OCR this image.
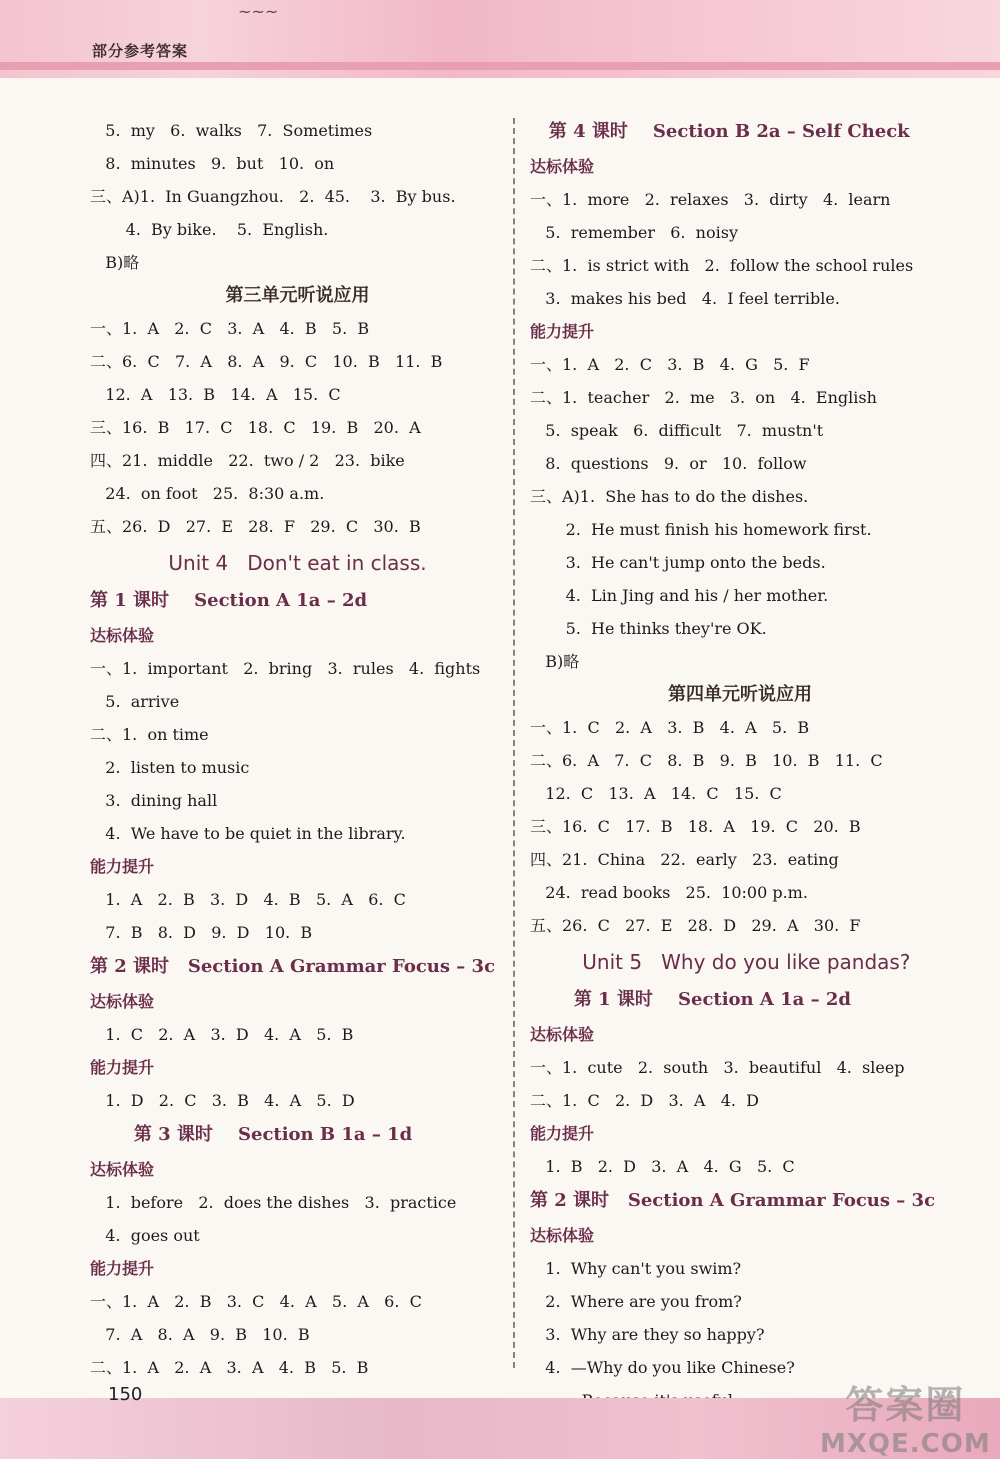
~~~
部分参考答案
5.  my   6.  walks   7.  Sometimes
8.  minutes   9.  but   10.  on
三、A)1.  In Guangzhou.   2.  45.    3.  By bus.
4.  By bike.    5.  English.
B)略
第三单元听说应用
一、1.  A   2.  C   3.  A   4.  B   5.  B
二、6.  C   7.  A   8.  A   9.  C   10.  B   11.  B
12.  A   13.  B   14.  A   15.  C
三、16.  B   17.  C   18.  C   19.  B   20.  A
四、21.  middle   22.  two / 2   23.  bike
24.  on foot   25.  8:30 a.m.
五、26.  D   27.  E   28.  F   29.  C   30.  B
Unit 4   Don't eat in class.
第 1 课时    Section A 1a – 2d
达标体验
一、1.  important   2.  bring   3.  rules   4.  fights
5.  arrive
二、1.  on time
2.  listen to music
3.  dining hall
4.  We have to be quiet in the library.
能力提升
1.  A   2.  B   3.  D   4.  B   5.  A   6.  C
7.  B   8.  D   9.  D   10.  B
第 2 课时   Section A Grammar Focus – 3c
达标体验
1.  C   2.  A   3.  D   4.  A   5.  B
能力提升
1.  D   2.  C   3.  B   4.  A   5.  D
第 3 课时    Section B 1a – 1d
达标体验
1.  before   2.  does the dishes   3.  practice
4.  goes out
能力提升
一、1.  A   2.  B   3.  C   4.  A   5.  A   6.  C
7.  A   8.  A   9.  B   10.  B
二、1.  A   2.  A   3.  A   4.  B   5.  B
第 4 课时    Section B 2a – Self Check
达标体验
一、1.  more   2.  relaxes   3.  dirty   4.  learn
5.  remember   6.  noisy
二、1.  is strict with   2.  follow the school rules
3.  makes his bed   4.  I feel terrible.
能力提升
一、1.  A   2.  C   3.  B   4.  G   5.  F
二、1.  teacher   2.  me   3.  on   4.  English
5.  speak   6.  difficult   7.  mustn't
8.  questions   9.  or   10.  follow
三、A)1.  She has to do the dishes.
2.  He must finish his homework first.
3.  He can't jump onto the beds.
4.  Lin Jing and his / her mother.
5.  He thinks they're OK.
B)略
第四单元听说应用
一、1.  C   2.  A   3.  B   4.  A   5.  B
二、6.  A   7.  C   8.  B   9.  B   10.  B   11.  C
12.  C   13.  A   14.  C   15.  C
三、16.  C   17.  B   18.  A   19.  C   20.  B
四、21.  China   22.  early   23.  eating
24.  read books   25.  10:00 p.m.
五、26.  C   27.  E   28.  D   29.  A   30.  F
Unit 5   Why do you like pandas?
第 1 课时    Section A 1a – 2d
达标体验
一、1.  cute   2.  south   3.  beautiful   4.  sleep
二、1.  C   2.  D   3.  A   4.  D
能力提升
1.  B   2.  D   3.  A   4.  G   5.  C
第 2 课时   Section A Grammar Focus – 3c
达标体验
1.  Why can't you swim?
2.  Where are you from?
3.  Why are they so happy?
4.  —Why do you like Chinese?
150	答案圈
MXQE.COM
